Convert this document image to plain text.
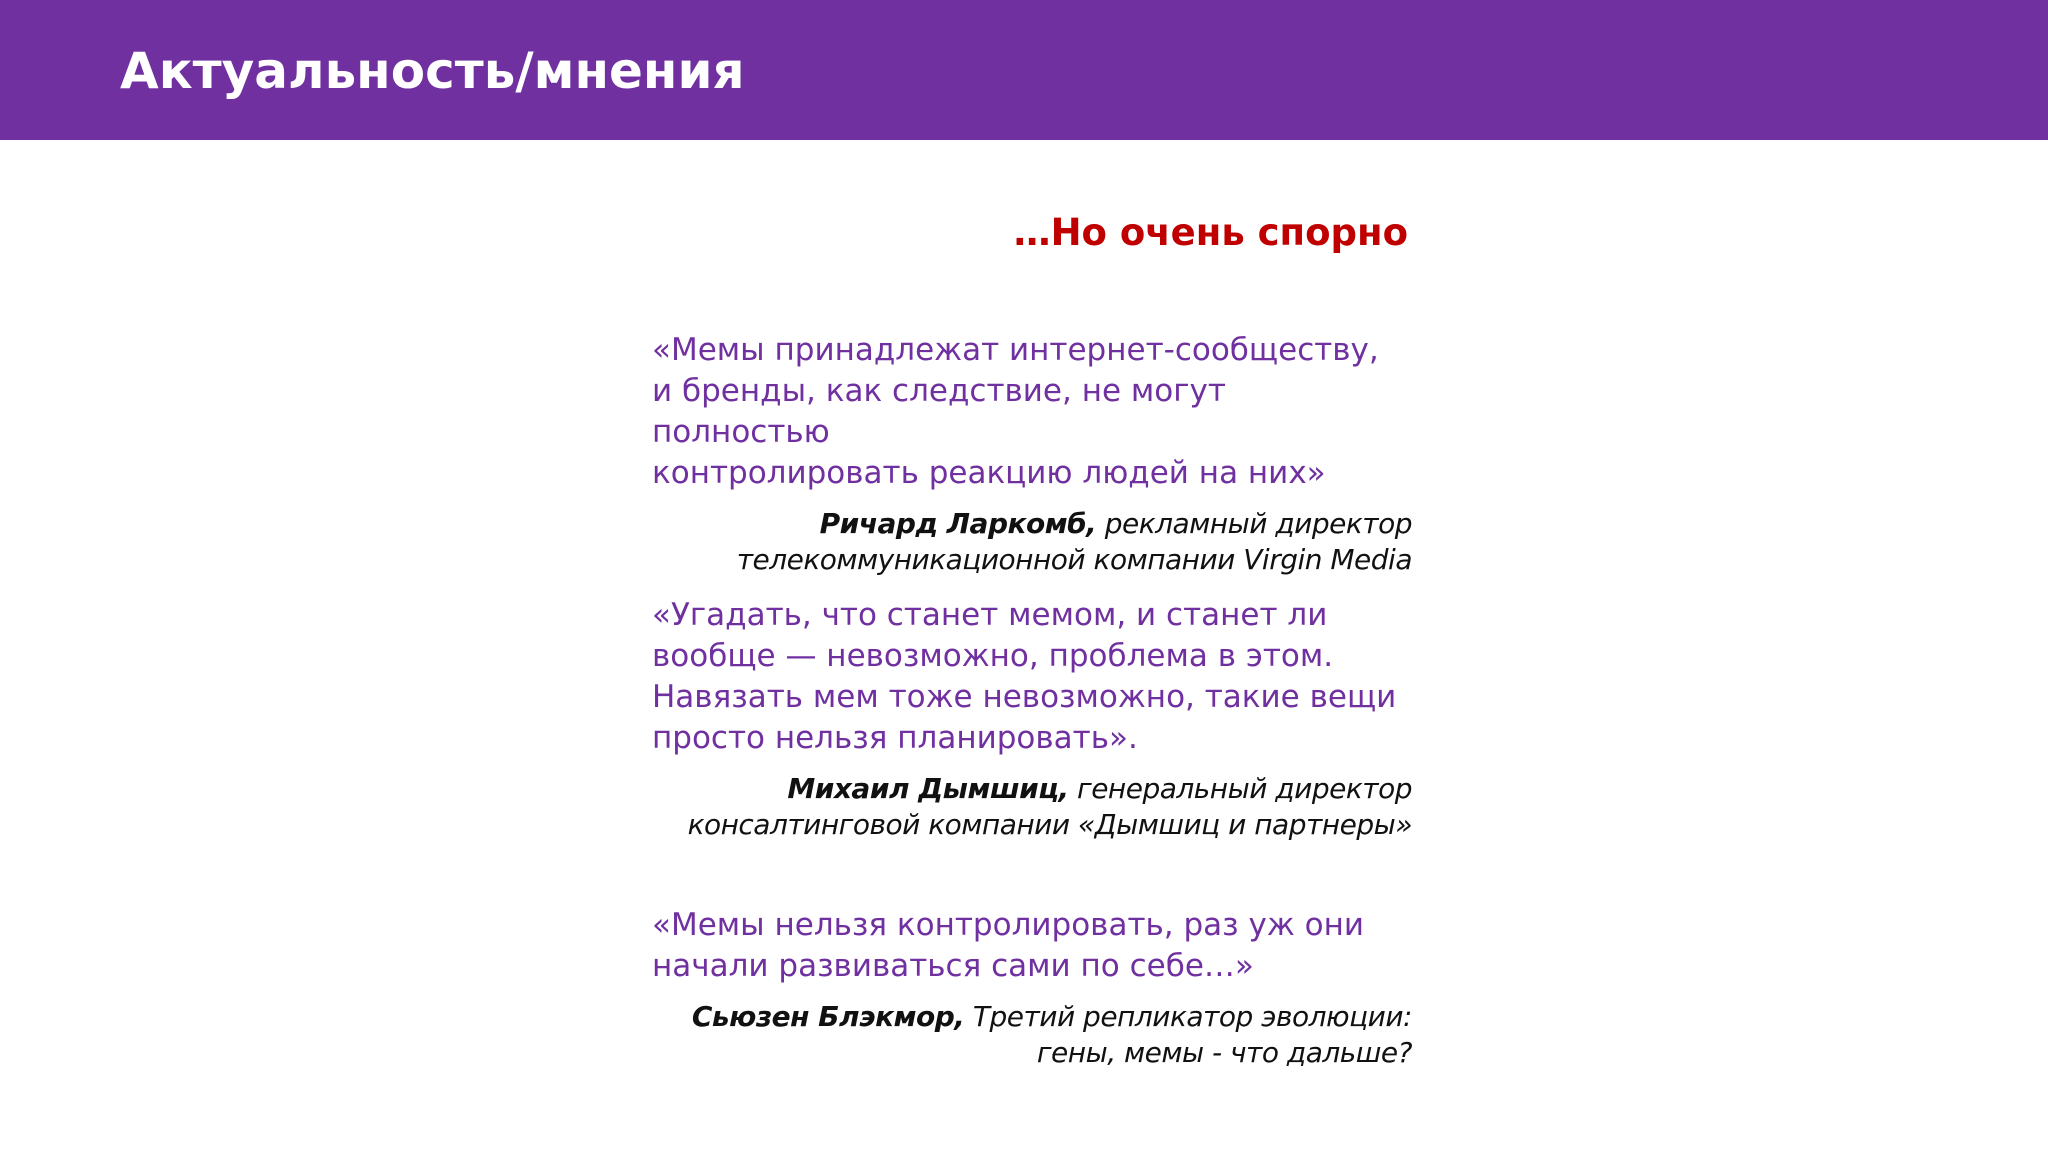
Актуальность/мнения
…Но очень спорно

«Мемы принадлежат интернет-сообществу,
и бренды, как следствие, не могут полностью
контролировать реакцию людей на них»

Ричард Ларкомб, рекламный директор
телекоммуникационной компании Virgin Media

«Угадать, что станет мемом, и станет ли
вообще — невозможно, проблема в этом.
Навязать мем тоже невозможно, такие вещи
просто нельзя планировать».

Михаил Дымшиц, генеральный директор
консалтинговой компании «Дымшиц и партнеры»

«Мемы нельзя контролировать, раз уж они
начали развиваться сами по себе…»

Сьюзен Блэкмор, Третий репликатор эволюции:
гены, мемы - что дальше?
